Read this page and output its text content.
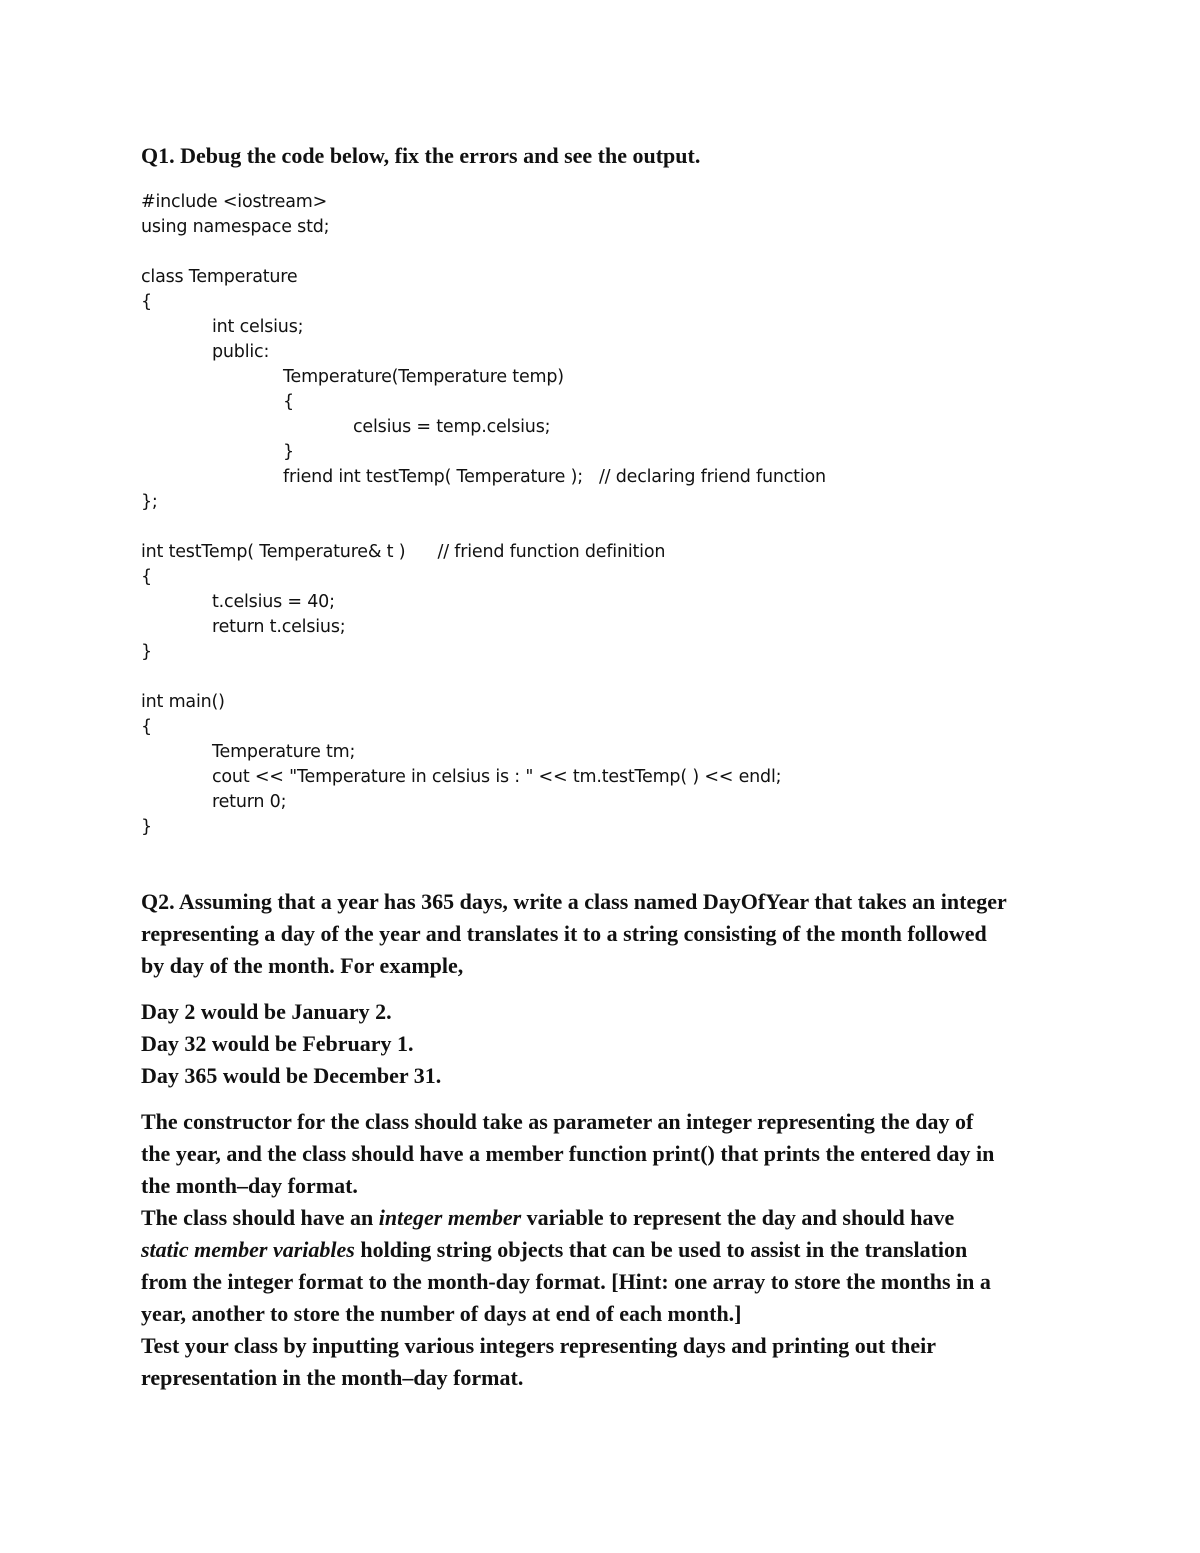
Q1. Debug the code below, fix the errors and see the output.

#include <iostream>
using namespace std;
class Temperature
{
int celsius;
public:
Temperature(Temperature temp)
{
celsius = temp.celsius;
}
friend int testTemp( Temperature );   // declaring friend function
};
int testTemp( Temperature& t )      // friend function definition
{
t.celsius = 40;
return t.celsius;
}
int main()
{
Temperature tm;
cout << "Temperature in celsius is : " << tm.testTemp( ) << endl;
return 0;
}
Q2. Assuming that a year has 365 days, write a class named DayOfYear that takes an integer
representing a day of the year and translates it to a string consisting of the month followed
by day of the month. For example,
Day 2 would be January 2.
Day 32 would be February 1.
Day 365 would be December 31.
The constructor for the class should take as parameter an integer representing the day of
the year, and the class should have a member function print() that prints the entered day in
the month–day format.
The class should have an integer member variable to represent the day and should have
static member variables holding string objects that can be used to assist in the translation
from the integer format to the month-day format. [Hint: one array to store the months in a
year, another to store the number of days at end of each month.]
Test your class by inputting various integers representing days and printing out their
representation in the month–day format.
